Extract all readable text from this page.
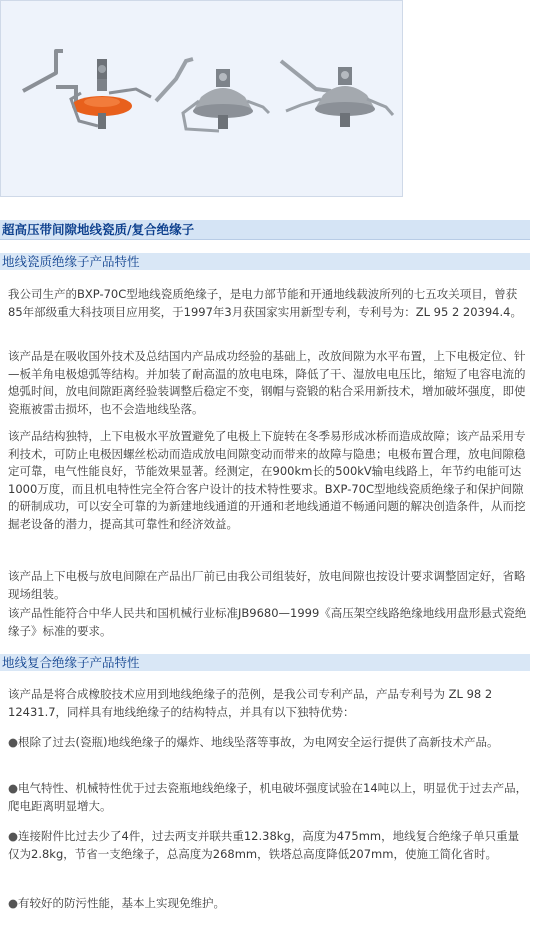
超高压带间隙地线瓷质/复合绝缘子
地线瓷质绝缘子产品特性

我公司生产的BXP-70C型地线瓷质绝缘子，是电力部节能和开通地线载波所列的七五攻关项目，曾获85年部级重大科技项目应用奖，于1997年3月获国家实用新型专利，专利号为：ZL 95 2 20394.4。

该产品是在吸收国外技术及总结国内产品成功经验的基础上，改放间隙为水平布置，上下电极定位、针—板羊角电极熄弧等结构。并加装了耐高温的放电电珠，降低了干、湿放电电压比，缩短了电容电流的熄弧时间，放电间隙距离经验装调整后稳定不变，钢帽与瓷锻的粘合采用新技术，增加破坏强度，即使瓷瓶被雷击损坏，也不会造地线坠落。

该产品结构独特，上下电极水平放置避免了电极上下旋转在冬季易形成冰桥而造成故障；该产品采用专利技术，可防止电极因螺丝松动而造成放电间隙变动而带来的故障与隐患；电极布置合理，放电间隙稳定可靠，电气性能良好，节能效果显著。经测定，在900km长的500kV输电线路上，年节约电能可达1000万度，而且机电特性完全符合客户设计的技术特性要求。BXP-70C型地线瓷质绝缘子和保护间隙的研制成功，可以安全可靠的为新建地线通道的开通和老地线通道不畅通问题的解决创造条件，从而挖掘老设备的潜力，提高其可靠性和经济效益。

该产品上下电极与放电间隙在产品出厂前已由我公司组装好，放电间隙也按设计要求调整固定好，省略现场组装。

该产品性能符合中华人民共和国机械行业标准JB9680—1999《高压架空线路绝缘地线用盘形悬式瓷绝缘子》标准的要求。

地线复合绝缘子产品特性

该产品是将合成橡胶技术应用到地线绝缘子的范例，是我公司专利产品，产品专利号为 ZL 98 2 12431.7，同样具有地线绝缘子的结构特点，并具有以下独特优势：

●根除了过去(瓷瓶)地线绝缘子的爆炸、地线坠落等事故，为电网安全运行提供了高新技术产品。

●电气特性、机械特性优于过去瓷瓶地线绝缘子，机电破坏强度试验在14吨以上，明显优于过去产品，爬电距离明显增大。

●连接附件比过去少了4件，过去两支并联共重12.38kg，高度为475mm，地线复合绝缘子单只重量仅为2.8kg，节省一支绝缘子，总高度为268mm，铁塔总高度降低207mm，使施工简化省时。

●有较好的防污性能，基本上实现免维护。
